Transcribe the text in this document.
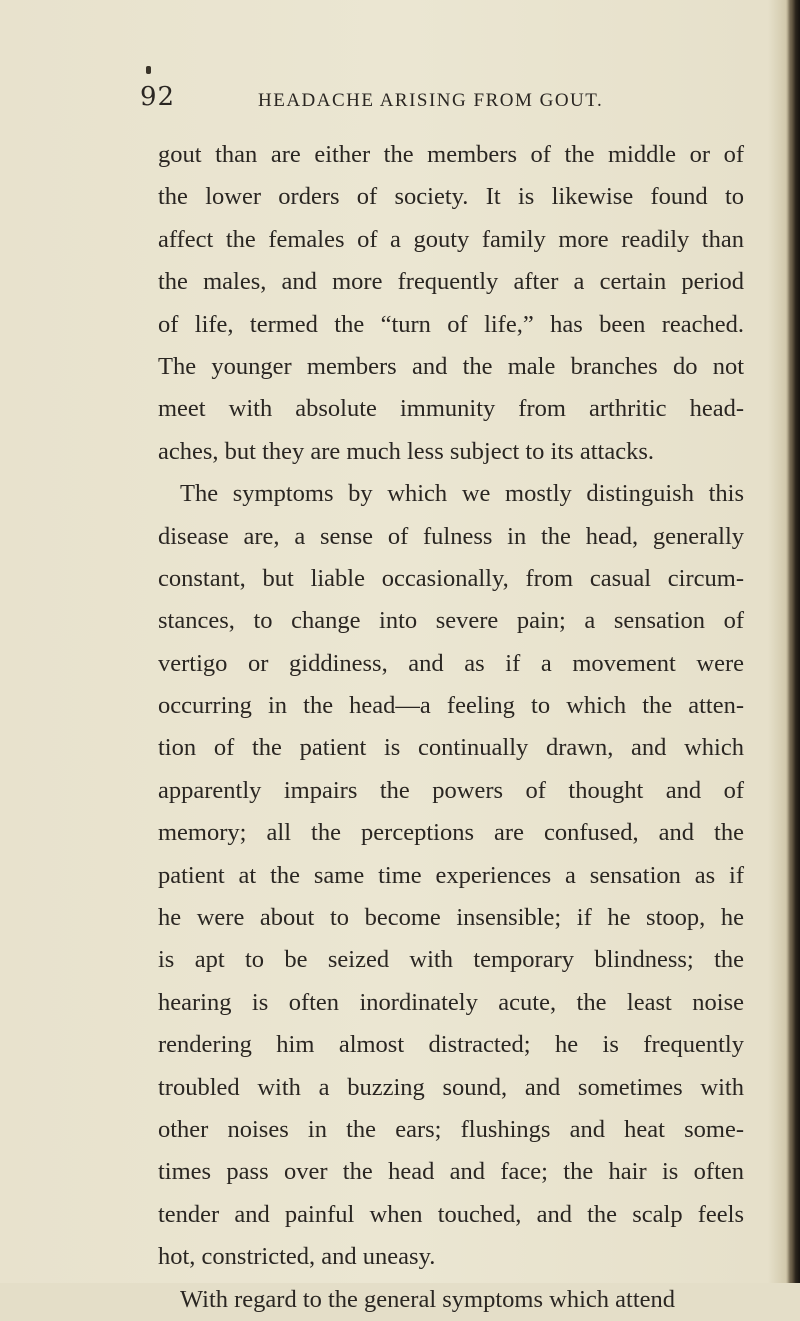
92	HEADACHE ARISING FROM GOUT.
gout than are either the members of the middle or of
the lower orders of society. It is likewise found to
affect the females of a gouty family more readily than
the males, and more frequently after a certain period
of life, termed the “turn of life,” has been reached.
The younger members and the male branches do not
meet with absolute immunity from arthritic head-
aches, but they are much less subject to its attacks.
The symptoms by which we mostly distinguish this
disease are, a sense of fulness in the head, generally
constant, but liable occasionally, from casual circum-
stances, to change into severe pain; a sensation of
vertigo or giddiness, and as if a movement were
occurring in the head—a feeling to which the atten-
tion of the patient is continually drawn, and which
apparently impairs the powers of thought and of
memory; all the perceptions are confused, and the
patient at the same time experiences a sensation as if
he were about to become insensible; if he stoop, he
is apt to be seized with temporary blindness; the
hearing is often inordinately acute, the least noise
rendering him almost distracted; he is frequently
troubled with a buzzing sound, and sometimes with
other noises in the ears; flushings and heat some-
times pass over the head and face; the hair is often
tender and painful when touched, and the scalp feels
hot, constricted, and uneasy.
With regard to the general symptoms which attend
